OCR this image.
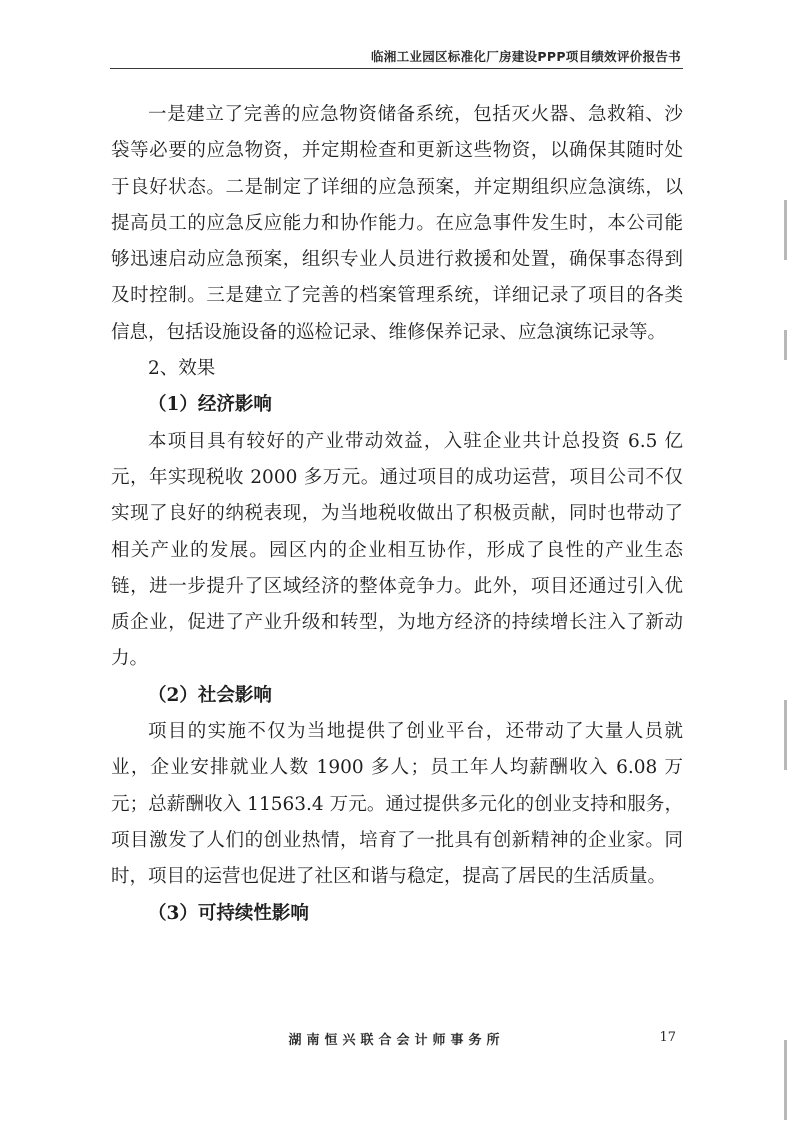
临湘工业园区标准化厂房建设PPP项目绩效评价报告书

一是建立了完善的应急物资储备系统，包括灭火器、急救箱、沙袋等必要的应急物资，并定期检查和更新这些物资，以确保其随时处于良好状态。二是制定了详细的应急预案，并定期组织应急演练，以提高员工的应急反应能力和协作能力。在应急事件发生时，本公司能够迅速启动应急预案，组织专业人员进行救援和处置，确保事态得到及时控制。三是建立了完善的档案管理系统，详细记录了项目的各类信息，包括设施设备的巡检记录、维修保养记录、应急演练记录等。

2、效果

（1）经济影响

本项目具有较好的产业带动效益，入驻企业共计总投资 6.5 亿元，年实现税收 2000 多万元。通过项目的成功运营，项目公司不仅实现了良好的纳税表现，为当地税收做出了积极贡献，同时也带动了相关产业的发展。园区内的企业相互协作，形成了良性的产业生态链，进一步提升了区域经济的整体竞争力。此外，项目还通过引入优质企业，促进了产业升级和转型，为地方经济的持续增长注入了新动力。

（2）社会影响

项目的实施不仅为当地提供了创业平台，还带动了大量人员就业，企业安排就业人数 1900 多人；员工年人均薪酬收入 6.08 万元；总薪酬收入 11563.4 万元。通过提供多元化的创业支持和服务，项目激发了人们的创业热情，培育了一批具有创新精神的企业家。同时，项目的运营也促进了社区和谐与稳定，提高了居民的生活质量。

（3）可持续性影响

湖南恒兴联合会计师事务所	17
